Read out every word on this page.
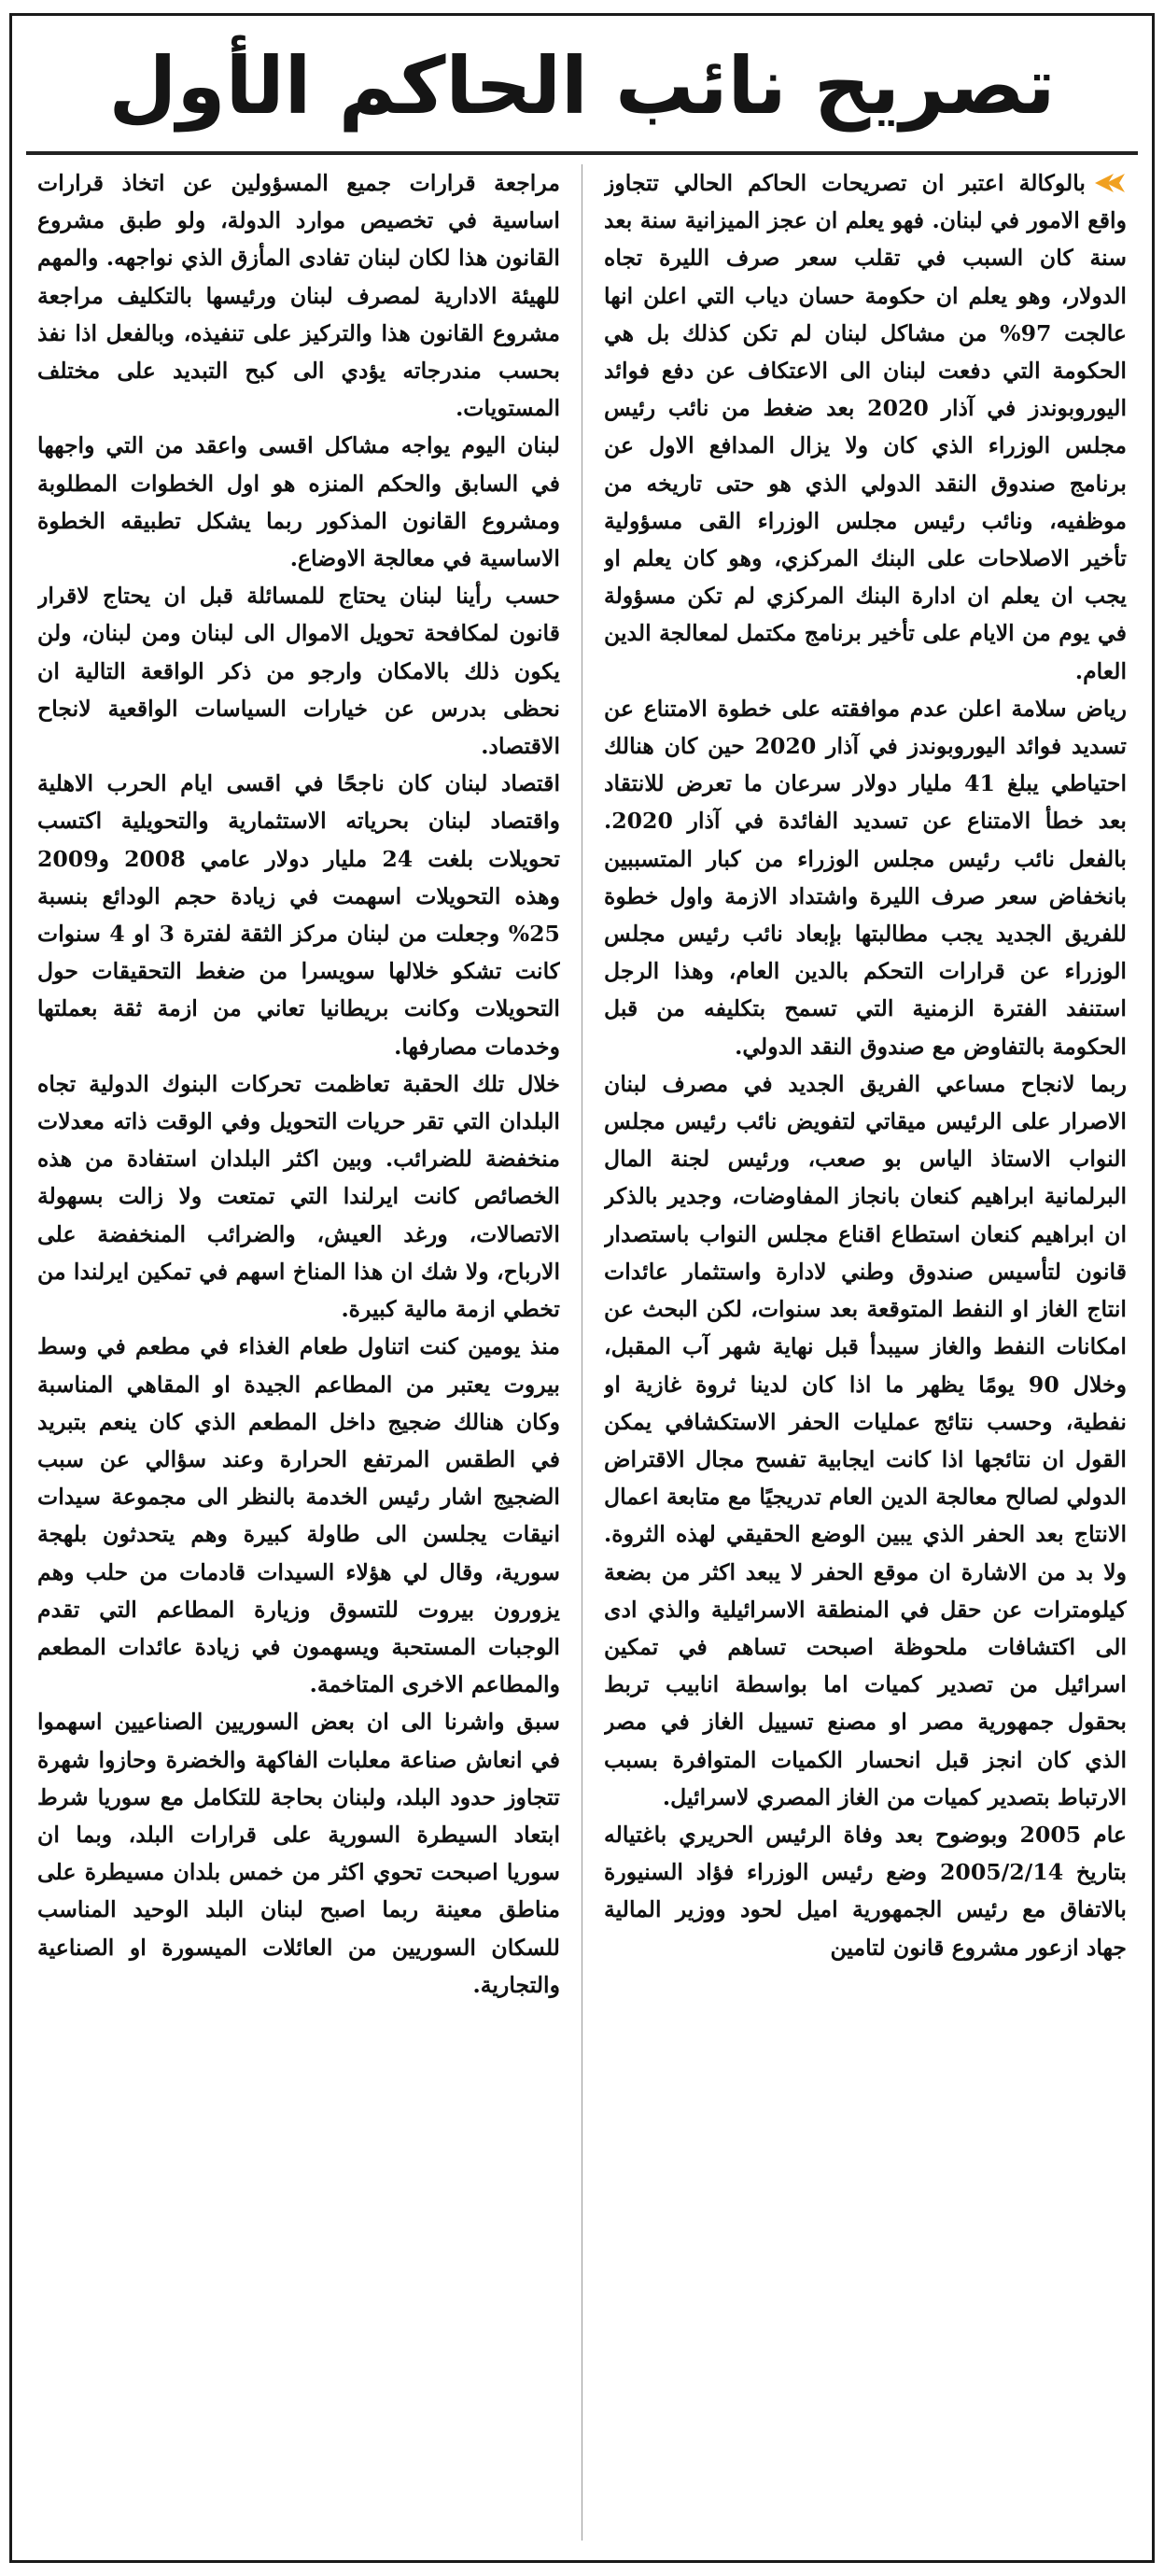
تصريح نائب الحاكم الأول

بالوكالة اعتبر ان تصريحات الحاكم الحالي تتجاوز واقع الامور في لبنان. فهو يعلم ان عجز الميزانية سنة بعد سنة كان السبب في تقلب سعر صرف الليرة تجاه الدولار، وهو يعلم ان حكومة حسان دياب التي اعلن انها عالجت 97% من مشاكل لبنان لم تكن كذلك بل هي الحكومة التي دفعت لبنان الى الاعتكاف عن دفع فوائد اليوروبوندز في آذار 2020 بعد ضغط من نائب رئيس مجلس الوزراء الذي كان ولا يزال المدافع الاول عن برنامج صندوق النقد الدولي الذي هو حتى تاريخه من موظفيه، ونائب رئيس مجلس الوزراء القى مسؤولية تأخير الاصلاحات على البنك المركزي، وهو كان يعلم او يجب ان يعلم ان ادارة البنك المركزي لم تكن مسؤولة في يوم من الايام على تأخير برنامج مكتمل لمعالجة الدين العام.

رياض سلامة اعلن عدم موافقته على خطوة الامتناع عن تسديد فوائد اليوروبوندز في آذار 2020 حين كان هنالك احتياطي يبلغ 41 مليار دولار سرعان ما تعرض للانتقاد بعد خطأ الامتناع عن تسديد الفائدة في آذار 2020. بالفعل نائب رئيس مجلس الوزراء من كبار المتسببين بانخفاض سعر صرف الليرة واشتداد الازمة واول خطوة للفريق الجديد يجب مطالبتها بإبعاد نائب رئيس مجلس الوزراء عن قرارات التحكم بالدين العام، وهذا الرجل استنفد الفترة الزمنية التي تسمح بتكليفه من قبل الحكومة بالتفاوض مع صندوق النقد الدولي.

ربما لانجاح مساعي الفريق الجديد في مصرف لبنان الاصرار على الرئيس ميقاتي لتفويض نائب رئيس مجلس النواب الاستاذ الياس بو صعب، ورئيس لجنة المال البرلمانية ابراهيم كنعان بانجاز المفاوضات، وجدير بالذكر ان ابراهيم كنعان استطاع اقناع مجلس النواب باستصدار قانون لتأسيس صندوق وطني لادارة واستثمار عائدات انتاج الغاز او النفط المتوقعة بعد سنوات، لكن البحث عن امكانات النفط والغاز سيبدأ قبل نهاية شهر آب المقبل، وخلال 90 يومًا يظهر ما اذا كان لدينا ثروة غازية او نفطية، وحسب نتائج عمليات الحفر الاستكشافي يمكن القول ان نتائجها اذا كانت ايجابية تفسح مجال الاقتراض الدولي لصالح معالجة الدين العام تدريجيًا مع متابعة اعمال الانتاج بعد الحفر الذي يبين الوضع الحقيقي لهذه الثروة. ولا بد من الاشارة ان موقع الحفر لا يبعد اكثر من بضعة كيلومترات عن حقل في المنطقة الاسرائيلية والذي ادى الى اكتشافات ملحوظة اصبحت تساهم في تمكين اسرائيل من تصدير كميات اما بواسطة انابيب تربط بحقول جمهورية مصر او مصنع تسييل الغاز في مصر الذي كان انجز قبل انحسار الكميات المتوافرة بسبب الارتباط بتصدير كميات من الغاز المصري لاسرائيل.

عام 2005 وبوضوح بعد وفاة الرئيس الحريري باغتياله بتاريخ 2005/2/14 وضع رئيس الوزراء فؤاد السنيورة بالاتفاق مع رئيس الجمهورية اميل لحود ووزير المالية جهاد ازعور مشروع قانون لتامين

مراجعة قرارات جميع المسؤولين عن اتخاذ قرارات اساسية في تخصيص موارد الدولة، ولو طبق مشروع القانون هذا لكان لبنان تفادى المأزق الذي نواجهه. والمهم للهيئة الادارية لمصرف لبنان ورئيسها بالتكليف مراجعة مشروع القانون هذا والتركيز على تنفيذه، وبالفعل اذا نفذ بحسب مندرجاته يؤدي الى كبح التبديد على مختلف المستويات.

لبنان اليوم يواجه مشاكل اقسى واعقد من التي واجهها في السابق والحكم المنزه هو اول الخطوات المطلوبة ومشروع القانون المذكور ربما يشكل تطبيقه الخطوة الاساسية في معالجة الاوضاع.

حسب رأينا لبنان يحتاج للمسائلة قبل ان يحتاج لاقرار قانون لمكافحة تحويل الاموال الى لبنان ومن لبنان، ولن يكون ذلك بالامكان وارجو من ذكر الواقعة التالية ان نحظى بدرس عن خيارات السياسات الواقعية لانجاح الاقتصاد.

اقتصاد لبنان كان ناجحًا في اقسى ايام الحرب الاهلية واقتصاد لبنان بحرياته الاستثمارية والتحويلية اكتسب تحويلات بلغت 24 مليار دولار عامي 2008 و2009 وهذه التحويلات اسهمت في زيادة حجم الودائع بنسبة 25% وجعلت من لبنان مركز الثقة لفترة 3 او 4 سنوات كانت تشكو خلالها سويسرا من ضغط التحقيقات حول التحويلات وكانت بريطانيا تعاني من ازمة ثقة بعملتها وخدمات مصارفها.

خلال تلك الحقبة تعاظمت تحركات البنوك الدولية تجاه البلدان التي تقر حريات التحويل وفي الوقت ذاته معدلات منخفضة للضرائب. وبين اكثر البلدان استفادة من هذه الخصائص كانت ايرلندا التي تمتعت ولا زالت بسهولة الاتصالات، ورغد العيش، والضرائب المنخفضة على الارباح، ولا شك ان هذا المناخ اسهم في تمكين ايرلندا من تخطي ازمة مالية كبيرة.

منذ يومين كنت اتناول طعام الغذاء في مطعم في وسط بيروت يعتبر من المطاعم الجيدة او المقاهي المناسبة وكان هنالك ضجيج داخل المطعم الذي كان ينعم بتبريد في الطقس المرتفع الحرارة وعند سؤالي عن سبب الضجيج اشار رئيس الخدمة بالنظر الى مجموعة سيدات انيقات يجلسن الى طاولة كبيرة وهم يتحدثون بلهجة سورية، وقال لي هؤلاء السيدات قادمات من حلب وهم يزورون بيروت للتسوق وزيارة المطاعم التي تقدم الوجبات المستحبة ويسهمون في زيادة عائدات المطعم والمطاعم الاخرى المتاخمة.

سبق واشرنا الى ان بعض السوريين الصناعيين اسهموا في انعاش صناعة معلبات الفاكهة والخضرة وحازوا شهرة تتجاوز حدود البلد، ولبنان بحاجة للتكامل مع سوريا شرط ابتعاد السيطرة السورية على قرارات البلد، وبما ان سوريا اصبحت تحوي اكثر من خمس بلدان مسيطرة على مناطق معينة ربما اصبح لبنان البلد الوحيد المناسب للسكان السوريين من العائلات الميسورة او الصناعية والتجارية.
